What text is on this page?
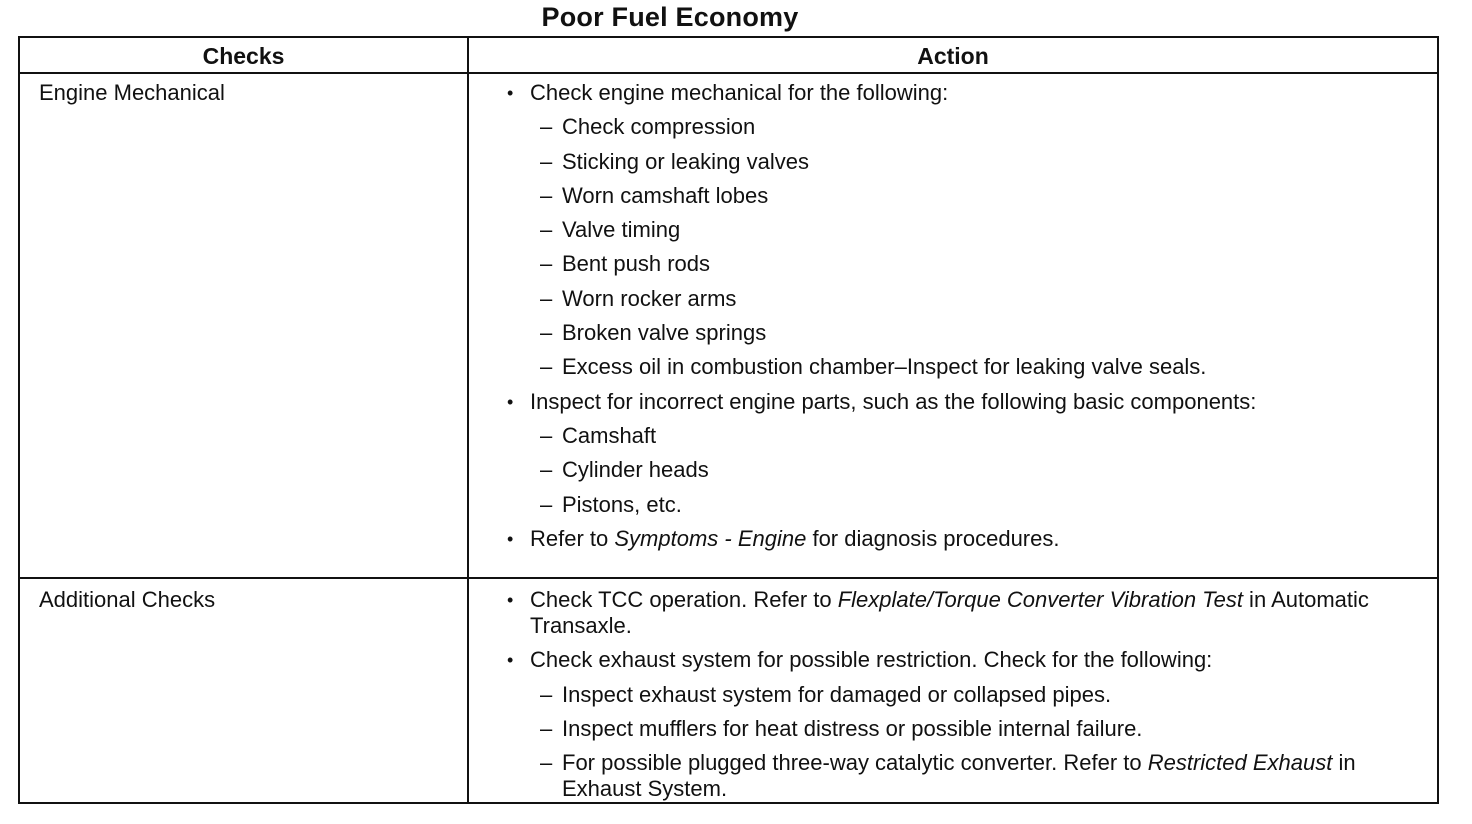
Poor Fuel Economy
Checks	Action
Engine Mechanical	• Check engine mechanical for the following:
– Check compression
– Sticking or leaking valves
– Worn camshaft lobes
– Valve timing
– Bent push rods
– Worn rocker arms
– Broken valve springs
– Excess oil in combustion chamber–Inspect for leaking valve seals.
• Inspect for incorrect engine parts, such as the following basic components:
– Camshaft
– Cylinder heads
– Pistons, etc.
• Refer to Symptoms - Engine for diagnosis procedures.
Additional Checks	• Check TCC operation. Refer to Flexplate/Torque Converter Vibration Test in Automatic Transaxle.
• Check exhaust system for possible restriction. Check for the following:
– Inspect exhaust system for damaged or collapsed pipes.
– Inspect mufflers for heat distress or possible internal failure.
– For possible plugged three-way catalytic converter. Refer to Restricted Exhaust in Exhaust System.
